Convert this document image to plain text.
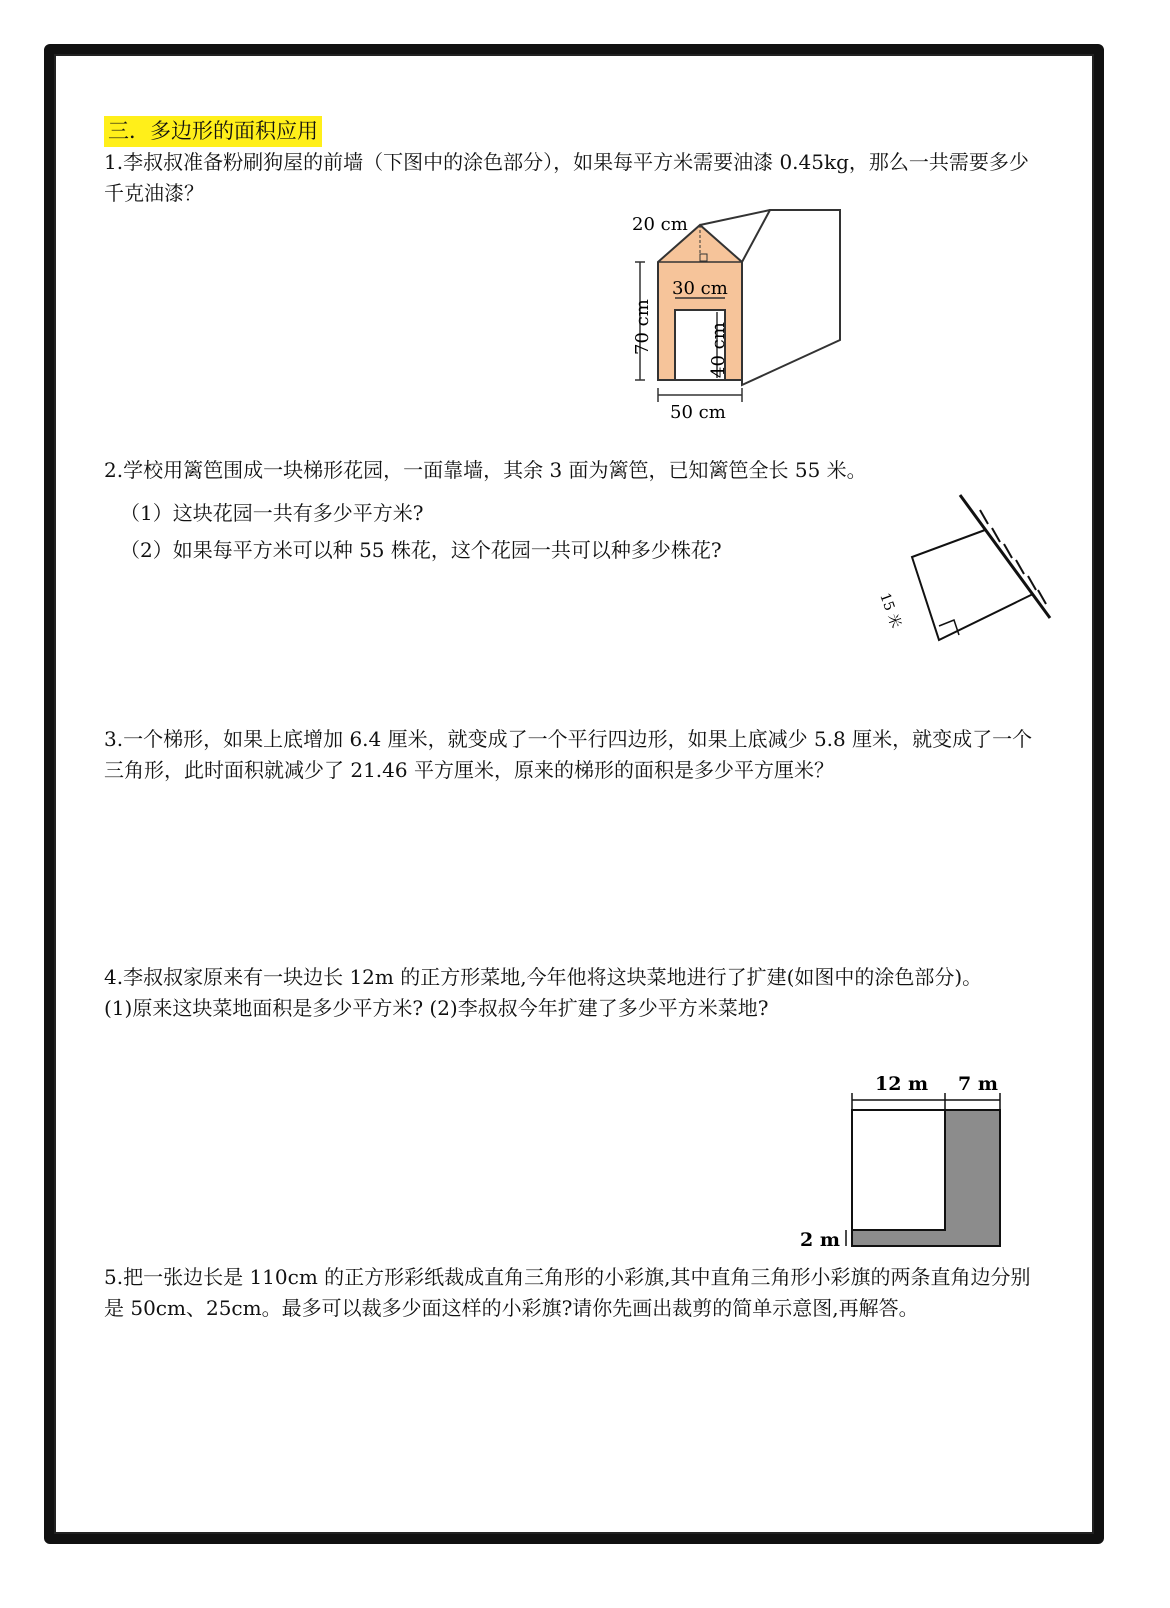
三．多边形的面积应用

1.李叔叔准备粉刷狗屋的前墙（下图中的涂色部分），如果每平方米需要油漆 0.45kg，那么一共需要多少千克油漆？

20 cm
30 cm
70 cm	40 cm
50 cm

2.学校用篱笆围成一块梯形花园，一面靠墙，其余 3 面为篱笆，已知篱笆全长 55 米。

（1）这块花园一共有多少平方米?

（2）如果每平方米可以种 55 株花，这个花园一共可以种多少株花?

15 米

3.一个梯形，如果上底增加 6.4 厘米，就变成了一个平行四边形，如果上底减少 5.8 厘米，就变成了一个三角形，此时面积就减少了 21.46 平方厘米，原来的梯形的面积是多少平方厘米？

4.李叔叔家原来有一块边长 12m 的正方形菜地,今年他将这块菜地进行了扩建(如图中的涂色部分)。

(1)原来这块菜地面积是多少平方米? (2)李叔叔今年扩建了多少平方米菜地?

12 m 7 m
2 m

5.把一张边长是 110cm 的正方形彩纸裁成直角三角形的小彩旗,其中直角三角形小彩旗的两条直角边分别是 50cm、25cm。最多可以裁多少面这样的小彩旗?请你先画出裁剪的简单示意图,再解答。
